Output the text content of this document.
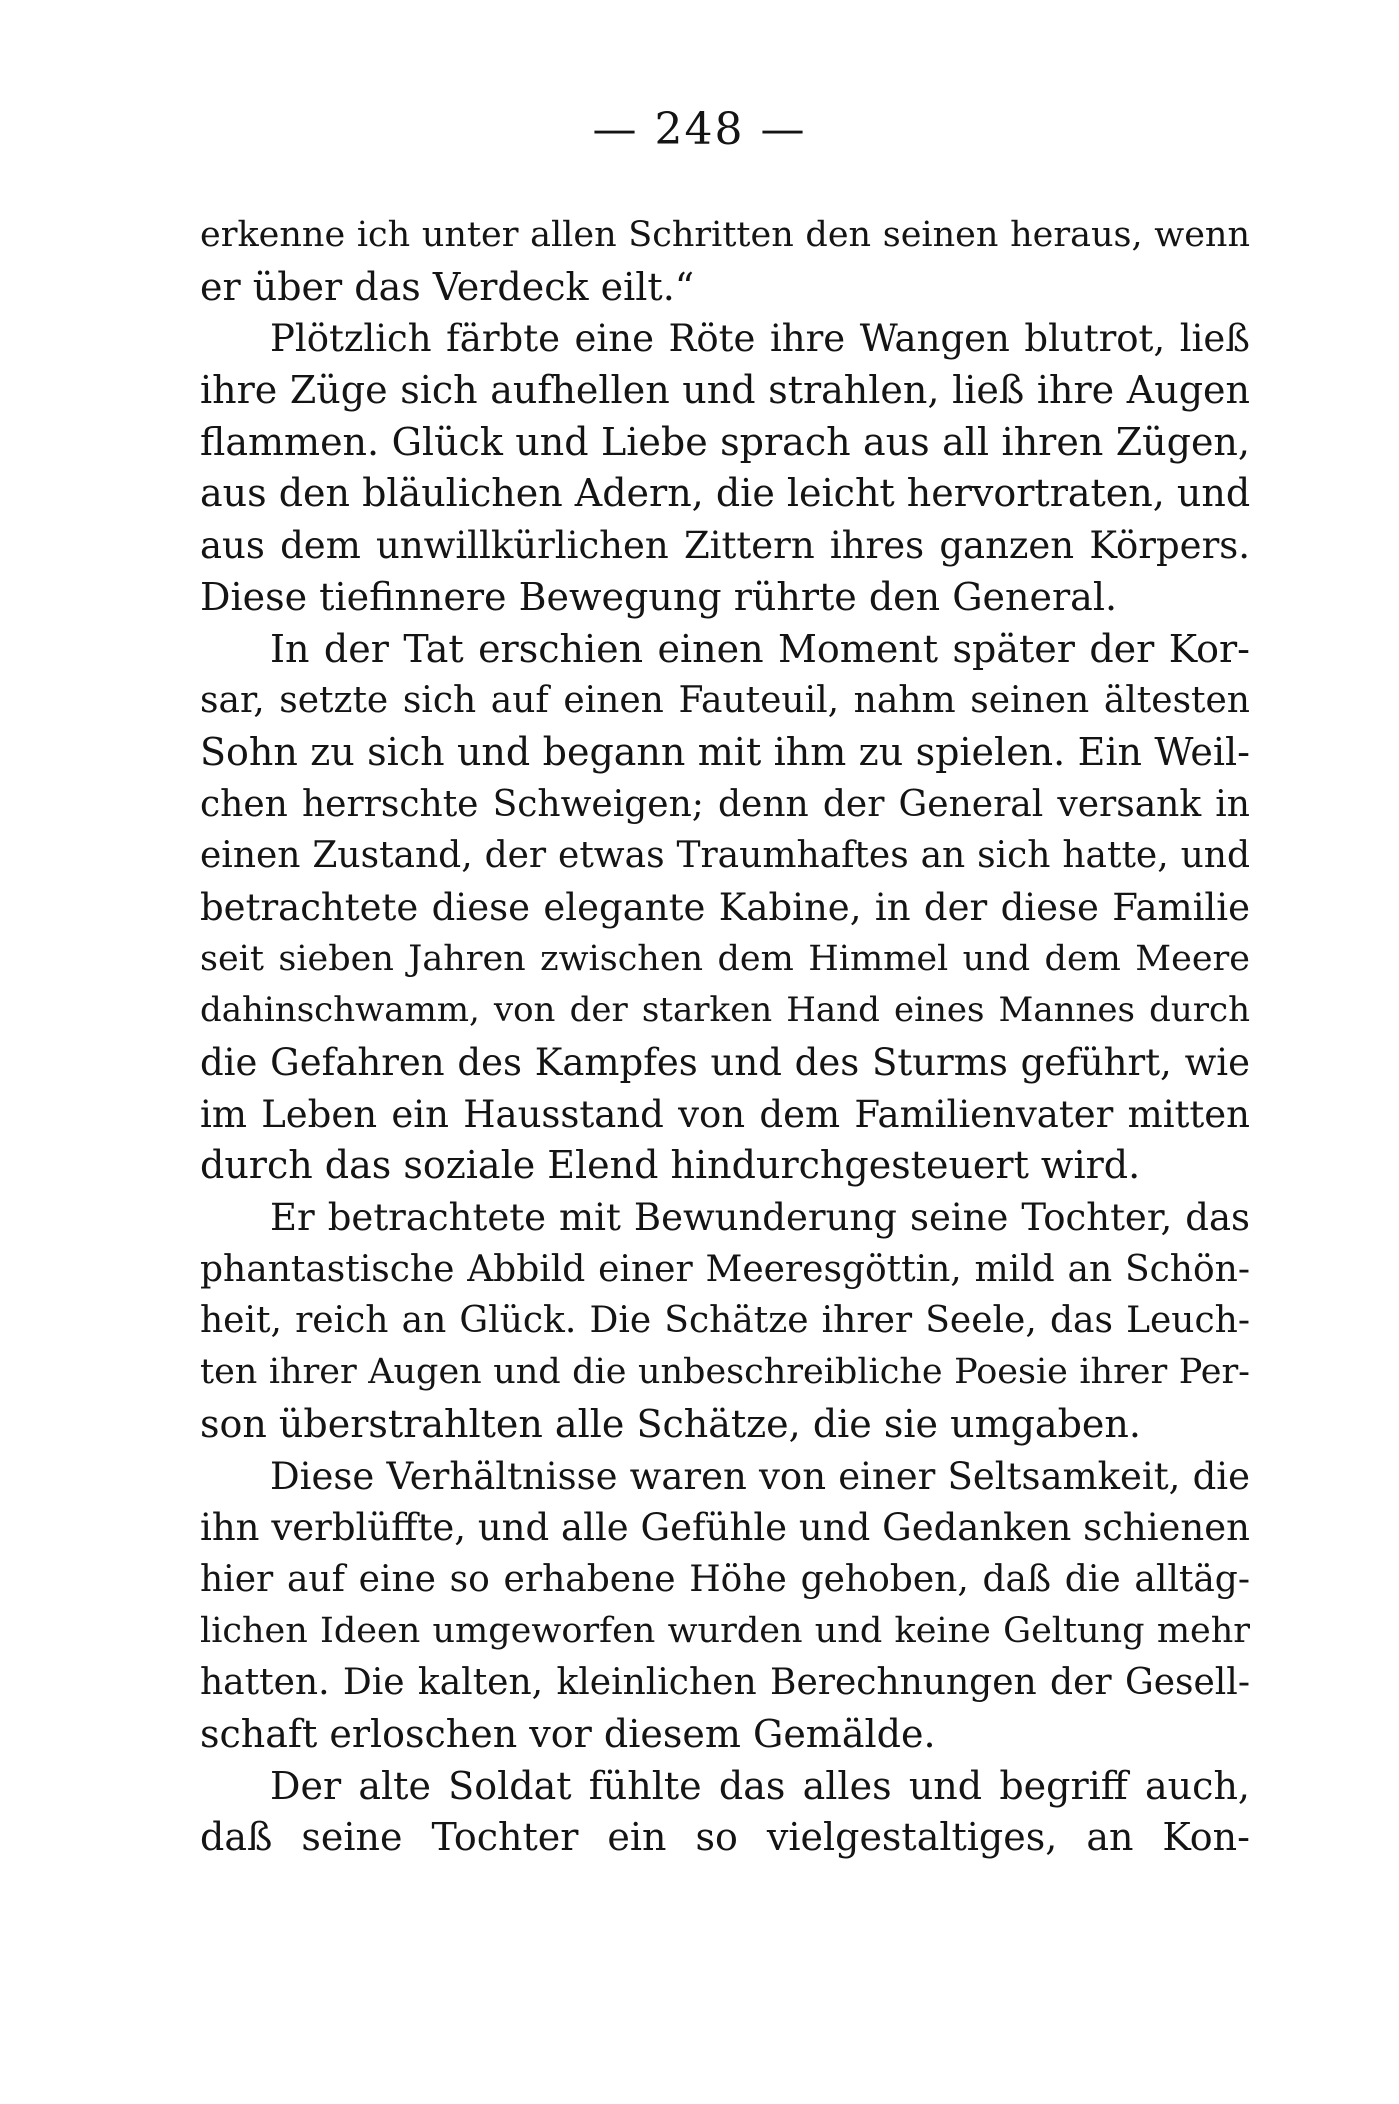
— 248 —
erkenne ich unter allen Schritten den seinen heraus, wenn
er über das Verdeck eilt.“
Plötzlich färbte eine Röte ihre Wangen blutrot, ließ
ihre Züge sich aufhellen und strahlen, ließ ihre Augen
flammen. Glück und Liebe sprach aus all ihren Zügen,
aus den bläulichen Adern, die leicht hervortraten, und
aus dem unwillkürlichen Zittern ihres ganzen Körpers.
Diese tiefinnere Bewegung rührte den General.
In der Tat erschien einen Moment später der Kor-
sar, setzte sich auf einen Fauteuil, nahm seinen ältesten
Sohn zu sich und begann mit ihm zu spielen. Ein Weil-
chen herrschte Schweigen; denn der General versank in
einen Zustand, der etwas Traumhaftes an sich hatte, und
betrachtete diese elegante Kabine, in der diese Familie
seit sieben Jahren zwischen dem Himmel und dem Meere
dahinschwamm, von der starken Hand eines Mannes durch
die Gefahren des Kampfes und des Sturms geführt, wie
im Leben ein Hausstand von dem Familienvater mitten
durch das soziale Elend hindurchgesteuert wird.
Er betrachtete mit Bewunderung seine Tochter, das
phantastische Abbild einer Meeresgöttin, mild an Schön-
heit, reich an Glück. Die Schätze ihrer Seele, das Leuch-
ten ihrer Augen und die unbeschreibliche Poesie ihrer Per-
son überstrahlten alle Schätze, die sie umgaben.
Diese Verhältnisse waren von einer Seltsamkeit, die
ihn verblüffte, und alle Gefühle und Gedanken schienen
hier auf eine so erhabene Höhe gehoben, daß die alltäg-
lichen Ideen umgeworfen wurden und keine Geltung mehr
hatten. Die kalten, kleinlichen Berechnungen der Gesell-
schaft erloschen vor diesem Gemälde.
Der alte Soldat fühlte das alles und begriff auch,
daß seine Tochter ein so vielgestaltiges, an Kon-
